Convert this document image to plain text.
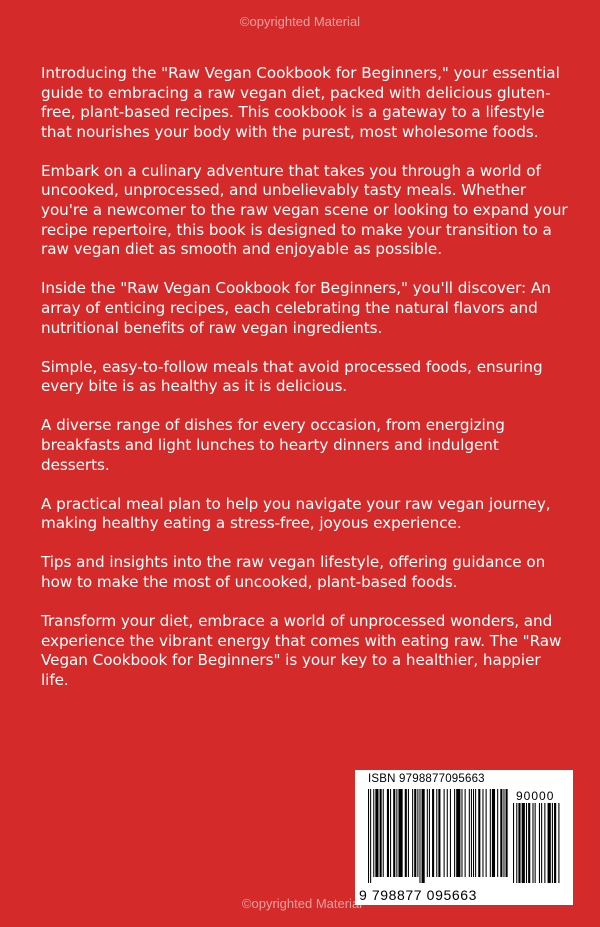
©opyrighted Material

Introducing the "Raw Vegan Cookbook for Beginners," your essential guide to embracing a raw vegan diet, packed with delicious gluten-free, plant-based recipes. This cookbook is a gateway to a lifestyle that nourishes your body with the purest, most wholesome foods.

Embark on a culinary adventure that takes you through a world of uncooked, unprocessed, and unbelievably tasty meals. Whether you're a newcomer to the raw vegan scene or looking to expand your recipe repertoire, this book is designed to make your transition to a raw vegan diet as smooth and enjoyable as possible.

Inside the "Raw Vegan Cookbook for Beginners," you'll discover: An array of enticing recipes, each celebrating the natural flavors and nutritional benefits of raw vegan ingredients.

Simple, easy-to-follow meals that avoid processed foods, ensuring every bite is as healthy as it is delicious.

A diverse range of dishes for every occasion, from energizing breakfasts and light lunches to hearty dinners and indulgent desserts.

A practical meal plan to help you navigate your raw vegan journey, making healthy eating a stress-free, joyous experience.

Tips and insights into the raw vegan lifestyle, offering guidance on how to make the most of uncooked, plant-based foods.

Transform your diet, embrace a world of unprocessed wonders, and experience the vibrant energy that comes with eating raw. The "Raw Vegan Cookbook for Beginners" is your key to a healthier, happier life.

ISBN 9798877095663
90000
9 798877 095663
©opyrighted Material
